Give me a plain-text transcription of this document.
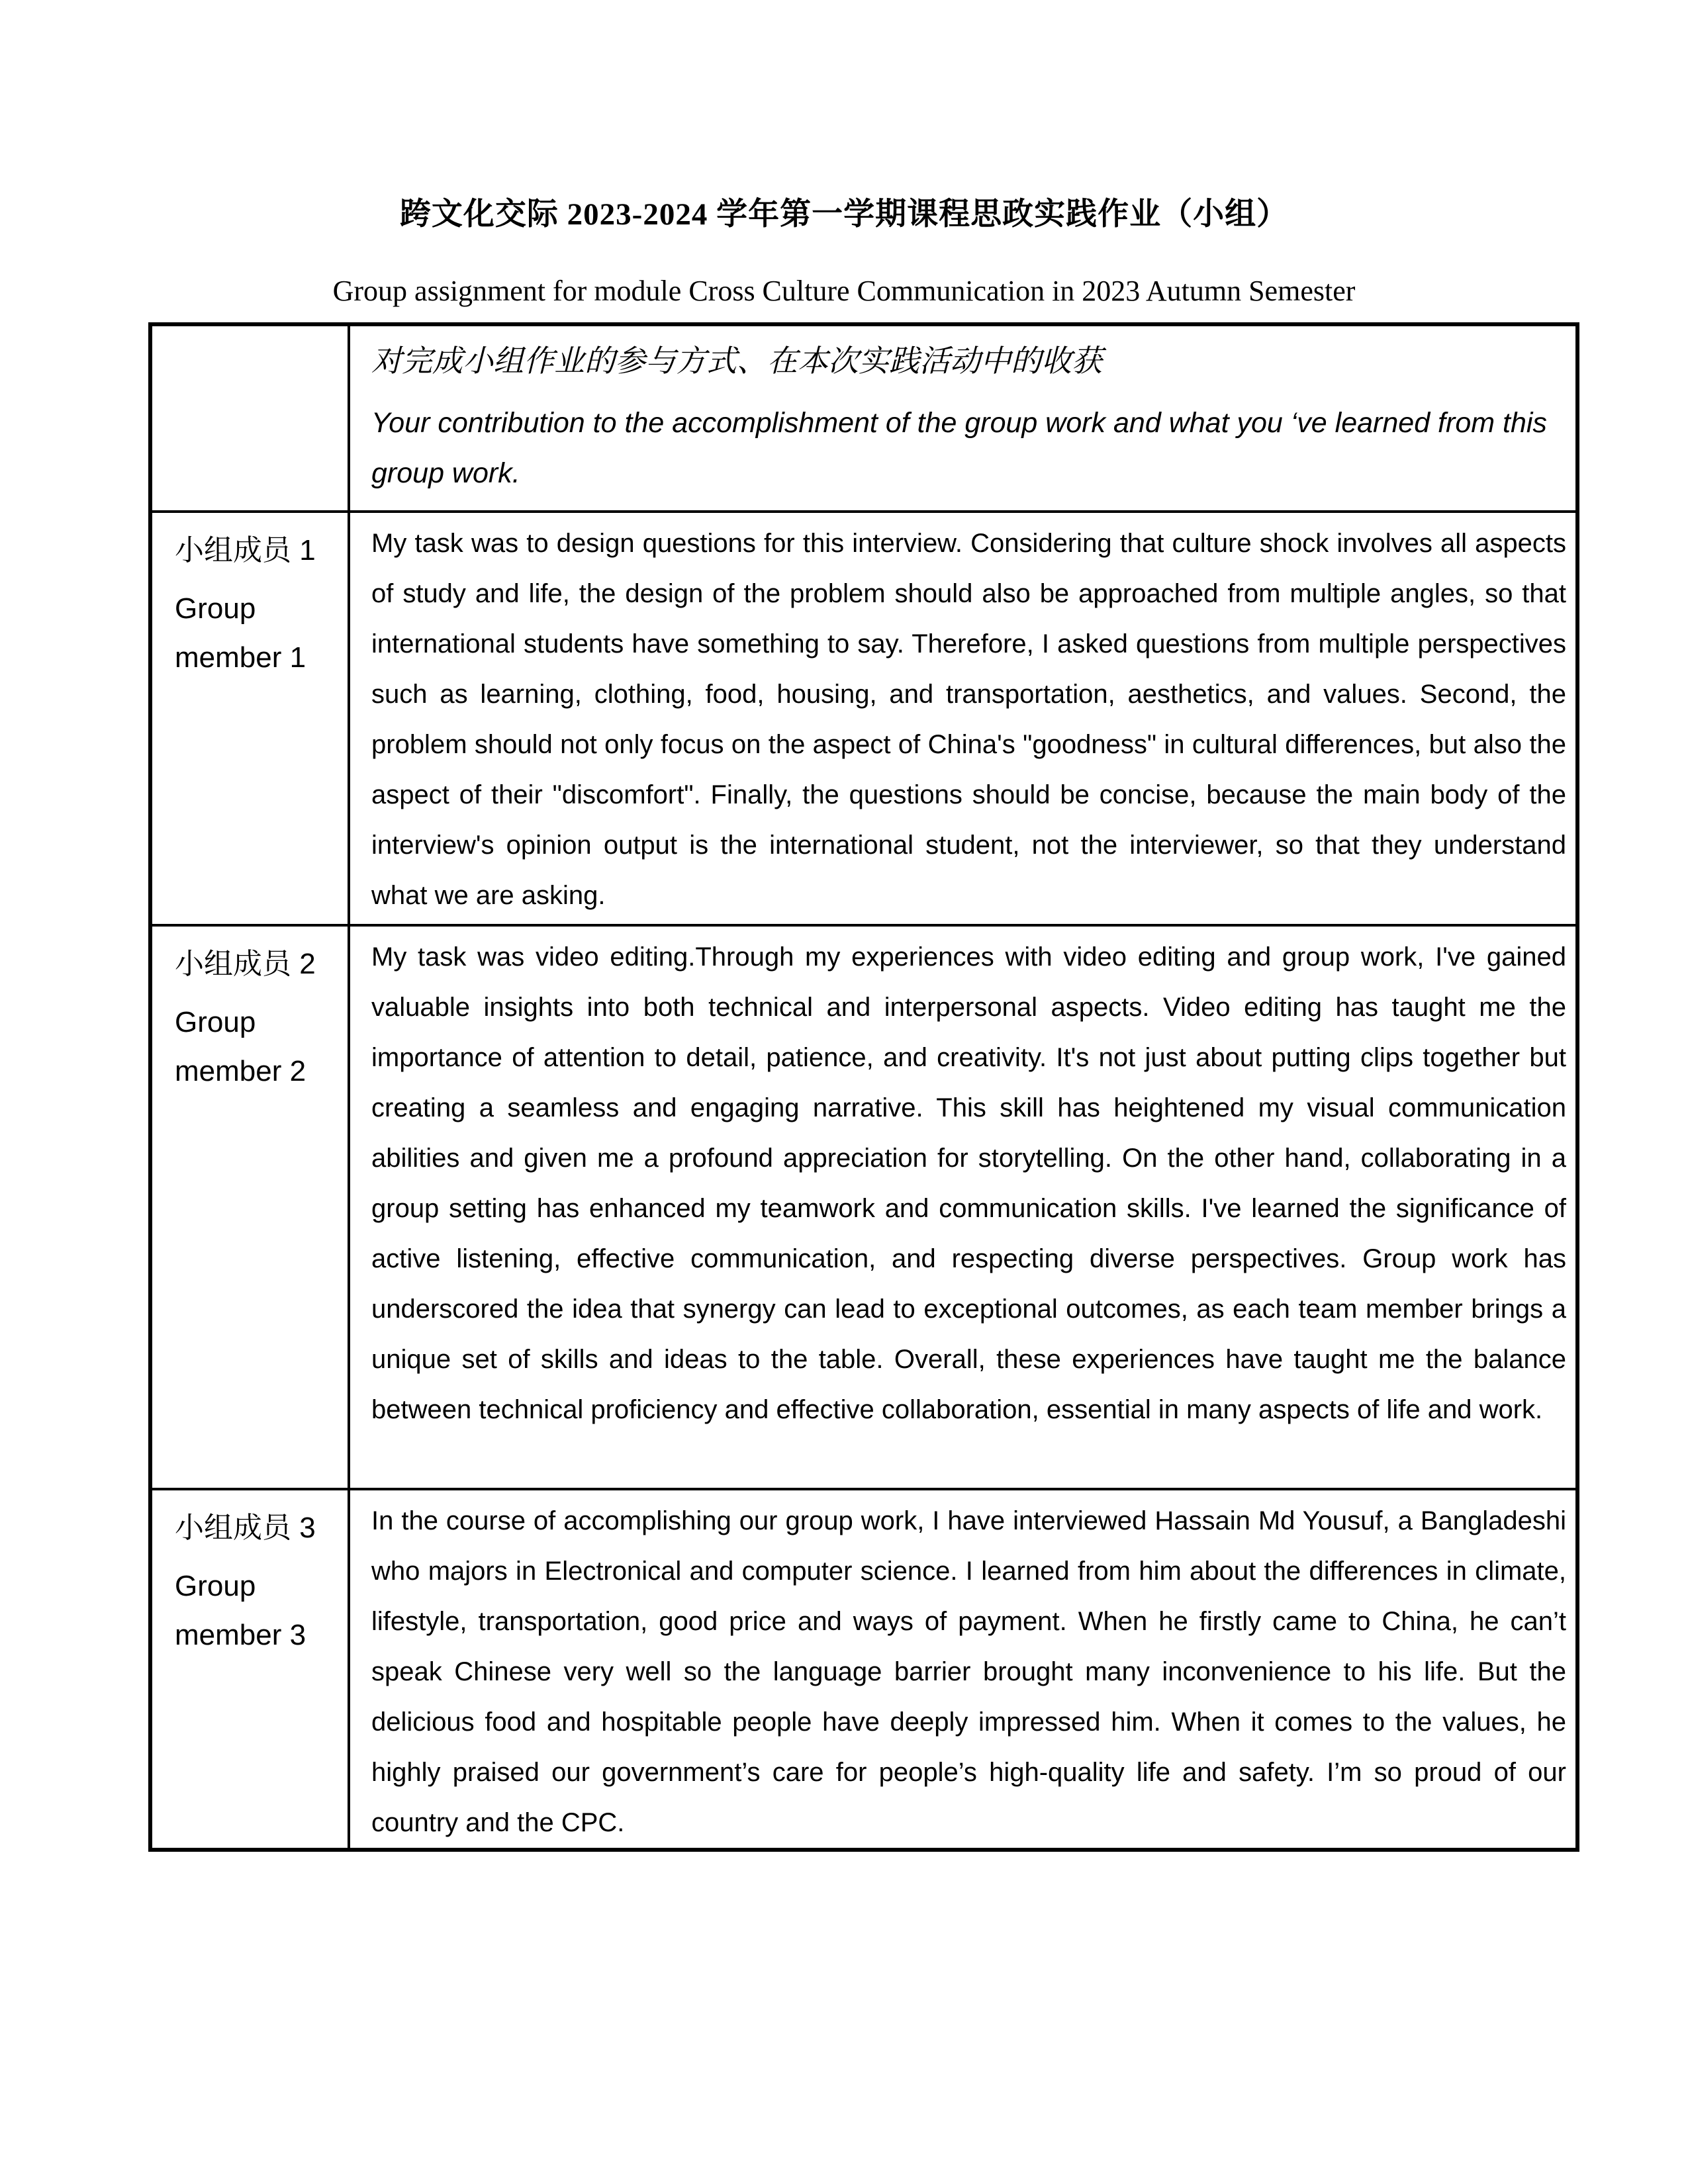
跨文化交际 2023-2024 学年第一学期课程思政实践作业（小组）
Group assignment for module Cross Culture Communication in 2023 Autumn Semester

	对完成小组作业的参与方式、在本次实践活动中的收获

Your contribution to the accomplishment of the group work and what you ‘ve learned from this group work.

小组成员 1

Group member 1	My task was to design questions for this interview. Considering that culture shock involves all aspects of study and life, the design of the problem should also be approached from multiple angles, so that international students have something to say. Therefore, I asked questions from multiple perspectives such as learning, clothing, food, housing, and transportation, aesthetics, and values. Second, the problem should not only focus on the aspect of China's "goodness" in cultural differences, but also the aspect of their "discomfort". Finally, the questions should be concise, because the main body of the interview's opinion output is the international student, not the interviewer, so that they understand what we are asking.

小组成员 2

Group member 2	My task was video editing.Through my experiences with video editing and group work, I've gained valuable insights into both technical and interpersonal aspects. Video editing has taught me the importance of attention to detail, patience, and creativity. It's not just about putting clips together but creating a seamless and engaging narrative. This skill has heightened my visual communication abilities and given me a profound appreciation for storytelling. On the other hand, collaborating in a group setting has enhanced my teamwork and communication skills. I've learned the significance of active listening, effective communication, and respecting diverse perspectives. Group work has underscored the idea that synergy can lead to exceptional outcomes, as each team member brings a unique set of skills and ideas to the table. Overall, these experiences have taught me the balance between technical proficiency and effective collaboration, essential in many aspects of life and work.

小组成员 3

Group member 3	In the course of accomplishing our group work, I have interviewed Hassain Md Yousuf, a Bangladeshi who majors in Electronical and computer science. I learned from him about the differences in climate, lifestyle, transportation, good price and ways of payment. When he firstly came to China, he can’t speak Chinese very well so the language barrier brought many inconvenience to his life. But the delicious food and hospitable people have deeply impressed him. When it comes to the values, he highly praised our government’s care for people’s high-quality life and safety. I’m so proud of our country and the CPC.
